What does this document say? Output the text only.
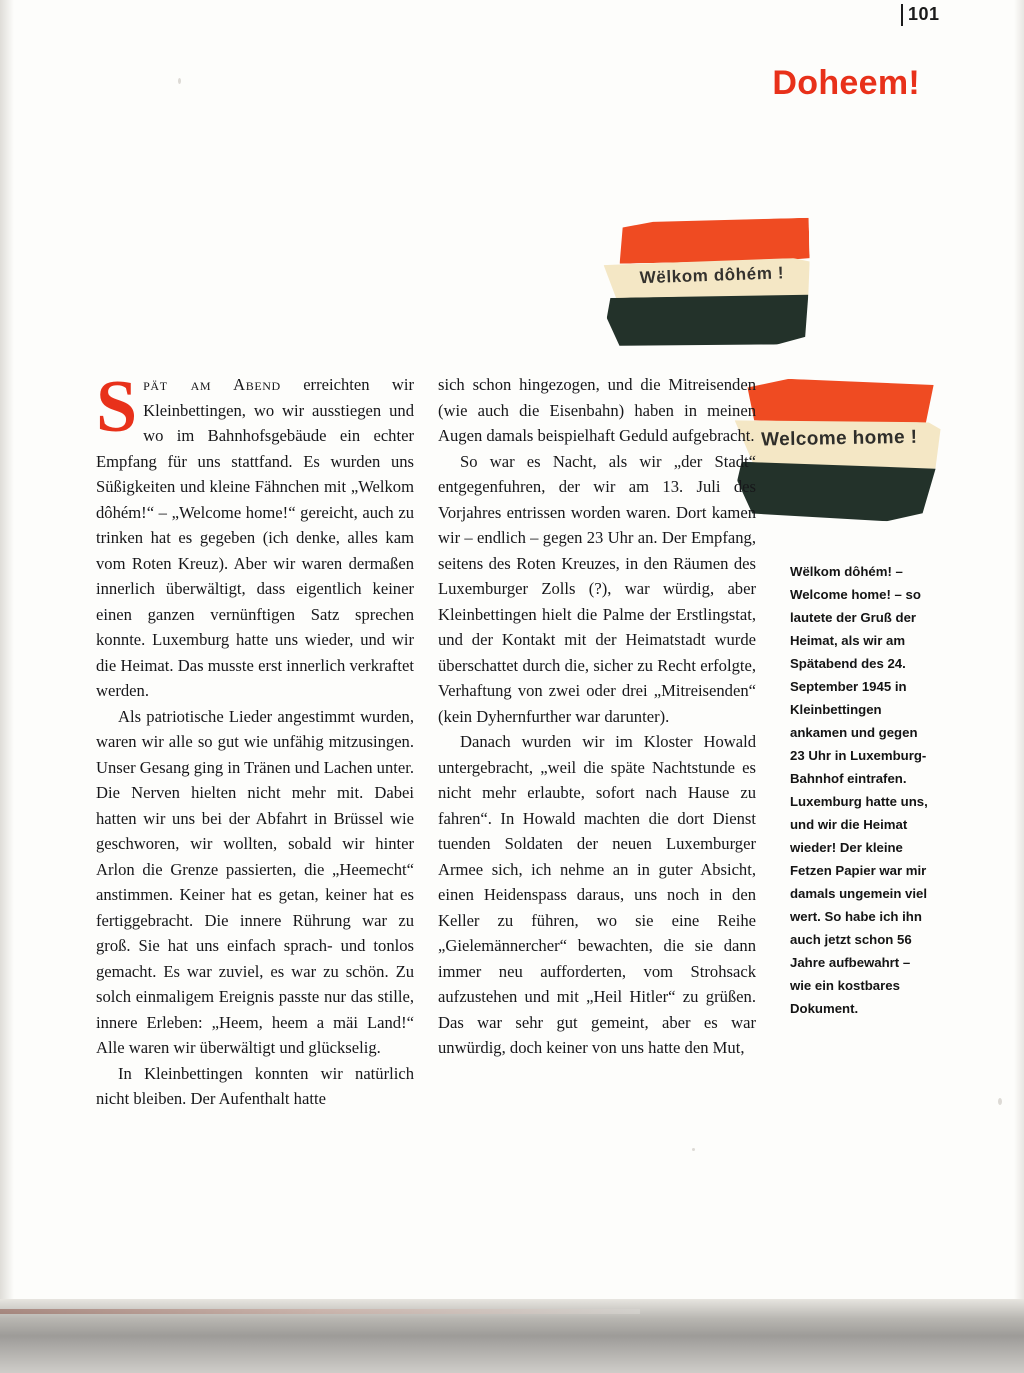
101
Doheem!
Wëlkom dôhém !
Welcome home !

Spät am Abend erreichten wir Kleinbettingen, wo wir ausstiegen und wo im Bahnhofsgebäude ein echter Empfang für uns stattfand. Es wurden uns Süßigkeiten und kleine Fähnchen mit „Welkom dôhém!“ – „Welcome home!“ gereicht, auch zu trinken hat es gegeben (ich denke, alles kam vom Roten Kreuz). Aber wir waren dermaßen innerlich überwältigt, dass eigentlich keiner einen ganzen vernünftigen Satz sprechen konnte. Luxemburg hatte uns wieder, und wir die Heimat. Das musste erst innerlich verkraftet werden.

Als patriotische Lieder angestimmt wurden, waren wir alle so gut wie unfähig mitzusingen. Unser Gesang ging in Tränen und Lachen unter. Die Nerven hielten nicht mehr mit. Dabei hatten wir uns bei der Abfahrt in Brüssel wie geschworen, wir wollten, sobald wir hinter Arlon die Grenze passierten, die „Heemecht“ anstimmen. Keiner hat es getan, keiner hat es fertiggebracht. Die innere Rührung war zu groß. Sie hat uns einfach sprach- und tonlos gemacht. Es war zuviel, es war zu schön. Zu solch einmaligem Ereignis passte nur das stille, innere Erleben: „Heem, heem a mäi Land!“ Alle waren wir überwältigt und glückselig.

In Kleinbettingen konnten wir natürlich nicht bleiben. Der Aufenthalt hatte

sich schon hingezogen, und die Mitreisenden (wie auch die Eisenbahn) haben in meinen Augen damals beispielhaft Geduld aufgebracht.

So war es Nacht, als wir „der Stadt“ entgegenfuhren, der wir am 13. Juli des Vorjahres entrissen worden waren. Dort kamen wir – endlich – gegen 23 Uhr an. Der Empfang, seitens des Roten Kreuzes, in den Räumen des Luxemburger Zolls (?), war würdig, aber Kleinbettingen hielt die Palme der Erstlingstat, und der Kontakt mit der Heimatstadt wurde überschattet durch die, sicher zu Recht erfolgte, Verhaftung von zwei oder drei „Mitreisenden“ (kein Dyhernfurther war darunter).

Danach wurden wir im Kloster Howald untergebracht, „weil die späte Nachtstunde es nicht mehr erlaubte, sofort nach Hause zu fahren“. In Howald machten die dort Dienst tuenden Soldaten der neuen Luxemburger Armee sich, ich nehme an in guter Absicht, einen Heidenspass daraus, uns noch in den Keller zu führen, wo sie eine Reihe „Gielemännercher“ bewachten, die sie dann immer neu aufforderten, vom Strohsack aufzustehen und mit „Heil Hitler“ zu grüßen. Das war sehr gut gemeint, aber es war unwürdig, doch keiner von uns hatte den Mut,

Wëlkom dôhém! – Welcome home! – so lautete der Gruß der Heimat, als wir am Spätabend des 24. September 1945 in Kleinbettingen ankamen und gegen 23 Uhr in Luxemburg-Bahnhof eintrafen. Luxemburg hatte uns, und wir die Heimat wieder! Der kleine Fetzen Papier war mir damals ungemein viel wert. So habe ich ihn auch jetzt schon 56 Jahre aufbewahrt – wie ein kostbares Dokument.
